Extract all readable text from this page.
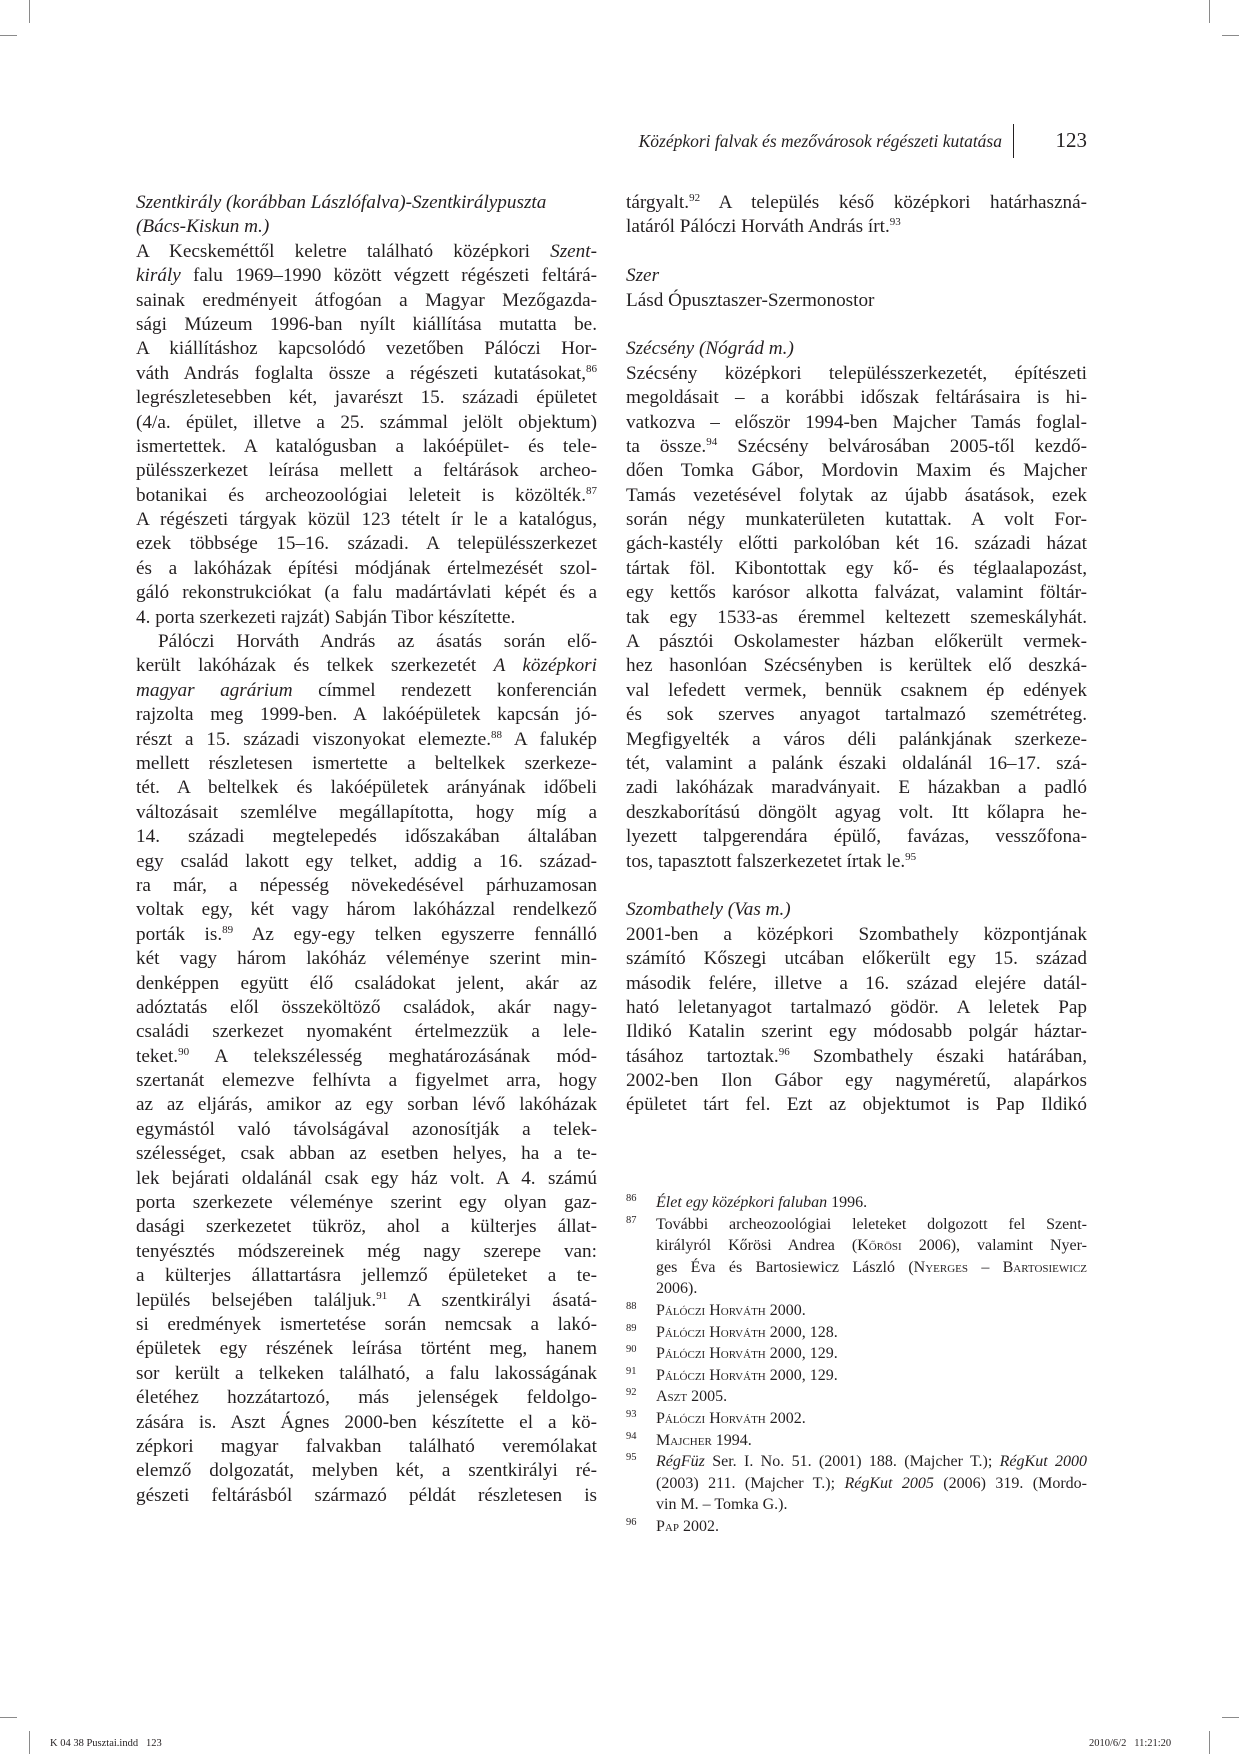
Középkori falvak és mezővárosok régészeti kutatása	123
Szentkirály (korábban Lászlófalva)-Szentkirálypuszta
(Bács-Kiskun m.)
A Kecskeméttől keletre található középkori Szent-
király falu 1969–1990 között végzett régészeti feltárá-
sainak eredményeit átfogóan a Magyar Mezőgazda-
sági Múzeum 1996-ban nyílt kiállítása mutatta be.
A kiállításhoz kapcsolódó vezetőben Pálóczi Hor-
váth András foglalta össze a régészeti kutatásokat,$^{86}$
legrészletesebben két, javarészt 15. századi épületet
(4/a. épület, illetve a 25. számmal jelölt objektum)
ismertettek. A katalógusban a lakóépület- és tele-
pülésszerkezet leírása mellett a feltárások archeo-
botanikai és archeozoológiai leleteit is közölték.$^{87}$
A régészeti tárgyak közül 123 tételt ír le a katalógus,
ezek többsége 15–16. századi. A településszerkezet
és a lakóházak építési módjának értelmezését szol-
gáló rekonstrukciókat (a falu madártávlati képét és a
4. porta szerkezeti rajzát) Sabján Tibor készítette.
Pálóczi Horváth András az ásatás során elő-
került lakóházak és telkek szerkezetét A középkori
magyar agrárium címmel rendezett konferencián
rajzolta meg 1999-ben. A lakóépületek kapcsán jó-
részt a 15. századi viszonyokat elemezte.$^{88}$ A falukép
mellett részletesen ismertette a beltelkek szerkeze-
tét. A beltelkek és lakóépületek arányának időbeli
változásait szemlélve megállapította, hogy míg a
14. századi megtelepedés időszakában általában
egy család lakott egy telket, addig a 16. század-
ra már, a népesség növekedésével párhuzamosan
voltak egy, két vagy három lakóházzal rendelkező
porták is.$^{89}$ Az egy-egy telken egyszerre fennálló
két vagy három lakóház véleménye szerint min-
denképpen együtt élő családokat jelent, akár az
adóztatás elől összeköltöző családok, akár nagy-
családi szerkezet nyomaként értelmezzük a lele-
teket.$^{90}$ A telekszélesség meghatározásának mód-
szertanát elemezve felhívta a figyelmet arra, hogy
az az eljárás, amikor az egy sorban lévő lakóházak
egymástól való távolságával azonosítják a telek-
szélességet, csak abban az esetben helyes, ha a te-
lek bejárati oldalánál csak egy ház volt. A 4. számú
porta szerkezete véleménye szerint egy olyan gaz-
dasági szerkezetet tükröz, ahol a külterjes állat-
tenyésztés módszereinek még nagy szerepe van:
a külterjes állattartásra jellemző épületeket a te-
lepülés belsejében találjuk.$^{91}$ A szentkirályi ásatá-
si eredmények ismertetése során nemcsak a lakó-
épületek egy részének leírása történt meg, hanem
sor került a telkeken található, a falu lakosságának
életéhez hozzátartozó, más jelenségek feldolgo-
zására is. Aszt Ágnes 2000-ben készítette el a kö-
zépkori magyar falvakban található veremólakat
elemző dolgozatát, melyben két, a szentkirályi ré-
gészeti feltárásból származó példát részletesen is
tárgyalt.$^{92}$ A település késő középkori határhaszná-
latáról Pálóczi Horváth András írt.$^{93}$
Szer
Lásd Ópusztaszer-Szermonostor
Szécsény (Nógrád m.)
Szécsény középkori településszerkezetét, építészeti
megoldásait – a korábbi időszak feltárásaira is hi-
vatkozva – először 1994-ben Majcher Tamás foglal-
ta össze.$^{94}$ Szécsény belvárosában 2005-től kezdő-
dően Tomka Gábor, Mordovin Maxim és Majcher
Tamás vezetésével folytak az újabb ásatások, ezek
során négy munkaterületen kutattak. A volt For-
gách-kastély előtti parkolóban két 16. századi házat
tártak föl. Kibontottak egy kő- és téglaalapozást,
egy kettős karósor alkotta falvázat, valamint föltár-
tak egy 1533-as éremmel keltezett szemeskályhát.
A pásztói Oskolamester házban előkerült vermek-
hez hasonlóan Szécsényben is kerültek elő deszká-
val lefedett vermek, bennük csaknem ép edények
és sok szerves anyagot tartalmazó szemétréteg.
Megfigyelték a város déli palánkjának szerkeze-
tét, valamint a palánk északi oldalánál 16–17. szá-
zadi lakóházak maradványait. E házakban a padló
deszkaborítású döngölt agyag volt. Itt kőlapra he-
lyezett talpgerendára épülő, favázas, vesszőfona-
tos, tapasztott falszerkezetet írtak le.$^{95}$
Szombathely (Vas m.)
2001-ben a középkori Szombathely központjának
számító Kőszegi utcában előkerült egy 15. század
második felére, illetve a 16. század elejére datál-
ható leletanyagot tartalmazó gödör. A leletek Pap
Ildikó Katalin szerint egy módosabb polgár háztar-
tásához tartoztak.$^{96}$ Szombathely északi határában,
2002-ben Ilon Gábor egy nagyméretű, alapárkos
épületet tárt fel. Ezt az objektumot is Pap Ildikó
86 Élet egy középkori faluban 1996.
87 További archeozoológiai leleteket dolgozott fel Szent-
királyról Kőrösi Andrea (Kőrösi 2006), valamint Nyer-
ges Éva és Bartosiewicz László (Nyerges – Bartosiewicz
2006).
88 Pálóczi Horváth 2000.
89 Pálóczi Horváth 2000, 128.
90 Pálóczi Horváth 2000, 129.
91 Pálóczi Horváth 2000, 129.
92 Aszt 2005.
93 Pálóczi Horváth 2002.
94 Majcher 1994.
95 RégFüz Ser. I. No. 51. (2001) 188. (Majcher T.); RégKut 2000
(2003) 211. (Majcher T.); RégKut 2005 (2006) 319. (Mordo-
vin M. – Tomka G.).
96 Pap 2002.
K 04 38 Pusztai.indd   123	2010/6/2   11:21:20
